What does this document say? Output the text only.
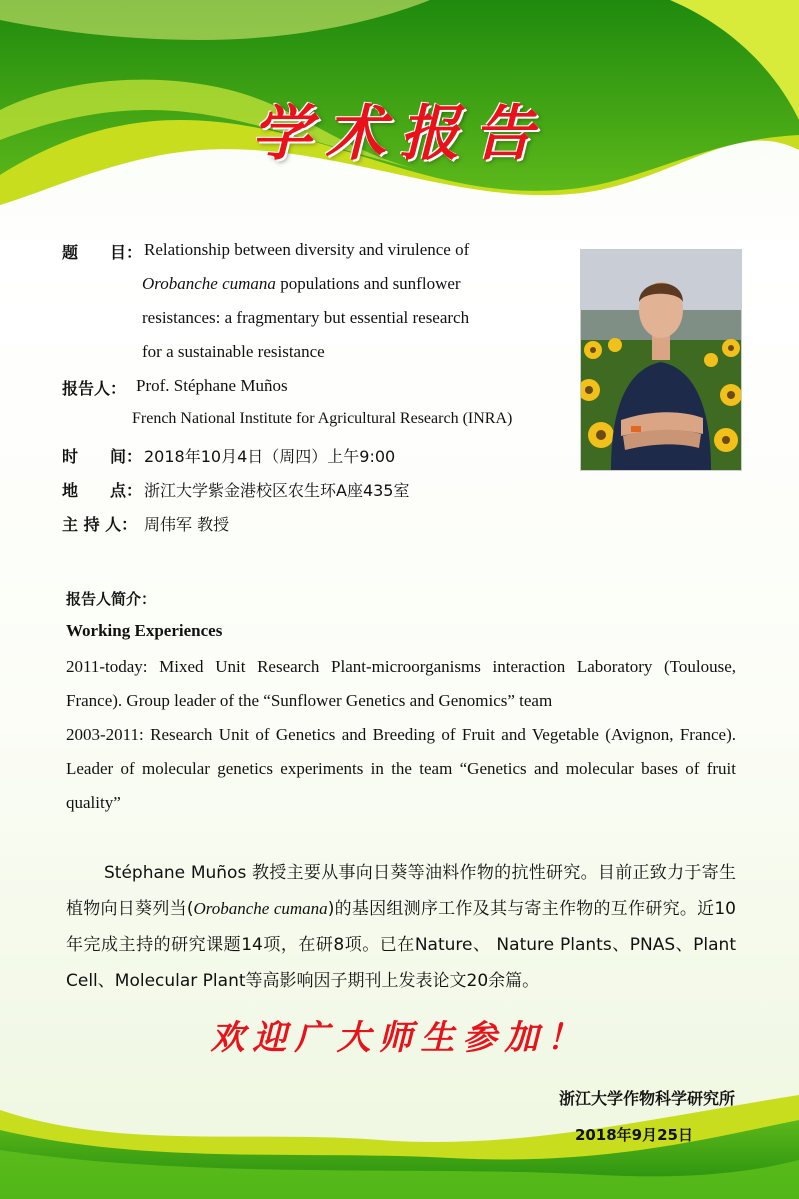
学术报告
题　　目： Relationship between diversity and virulence of
Orobanche cumana populations and sunflower
resistances: a fragmentary but essential research
for a sustainable resistance
报告人： Prof. Stéphane Muños
French National Institute for Agricultural Research (INRA)
时　　间： 2018年10月4日（周四）上午9:00
地　　点： 浙江大学紫金港校区农生环A座435室
主 持 人： 周伟军 教授
报告人简介：
Working Experiences
2011-today: Mixed Unit Research Plant-microorganisms interaction Laboratory (Toulouse, France). Group leader of the “Sunflower Genetics and Genomics” team
2003-2011: Research Unit of Genetics and Breeding of Fruit and Vegetable (Avignon, France). Leader of molecular genetics experiments in the team “Genetics and molecular bases of fruit quality”
Stéphane Muños 教授主要从事向日葵等油料作物的抗性研究。目前正致力于寄生植物向日葵列当(Orobanche cumana)的基因组测序工作及其与寄主作物的互作研究。近10年完成主持的研究课题14项，在研8项。已在Nature、 Nature Plants、PNAS、Plant Cell、Molecular Plant等高影响因子期刊上发表论文20余篇。
欢迎广大师生参加！
浙江大学作物科学研究所
2018年9月25日
